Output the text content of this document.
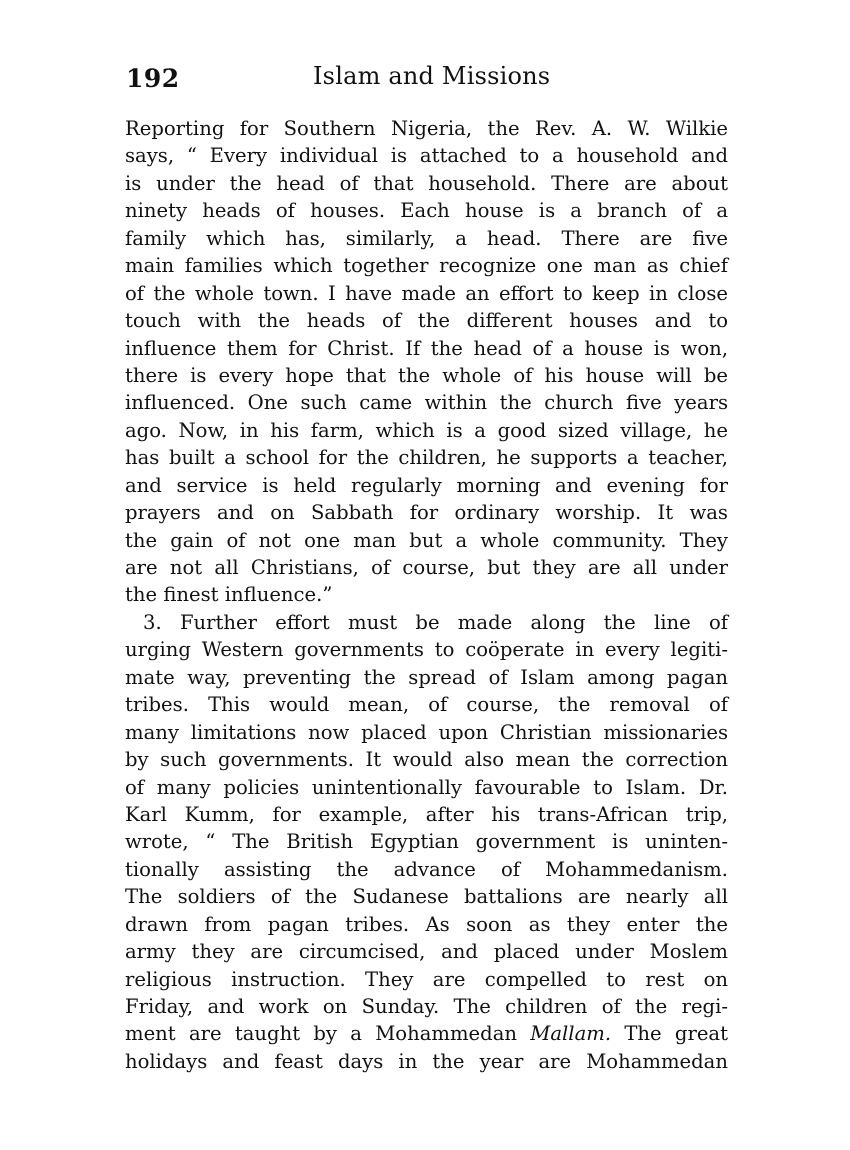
192	Islam and Missions
Reporting for Southern Nigeria, the Rev. A. W. Wilkie
says, “ Every individual is attached to a household and
is under the head of that household. There are about
ninety heads of houses. Each house is a branch of a
family which has, similarly, a head. There are five
main families which together recognize one man as chief
of the whole town. I have made an effort to keep in close
touch with the heads of the different houses and to
influence them for Christ. If the head of a house is won,
there is every hope that the whole of his house will be
influenced. One such came within the church five years
ago. Now, in his farm, which is a good sized village, he
has built a school for the children, he supports a teacher,
and service is held regularly morning and evening for
prayers and on Sabbath for ordinary worship. It was
the gain of not one man but a whole community. They
are not all Christians, of course, but they are all under
the finest influence.”
3. Further effort must be made along the line of
urging Western governments to coöperate in every legiti-
mate way, preventing the spread of Islam among pagan
tribes. This would mean, of course, the removal of
many limitations now placed upon Christian missionaries
by such governments. It would also mean the correction
of many policies unintentionally favourable to Islam. Dr.
Karl Kumm, for example, after his trans-African trip,
wrote, “ The British Egyptian government is uninten-
tionally assisting the advance of Mohammedanism.
The soldiers of the Sudanese battalions are nearly all
drawn from pagan tribes. As soon as they enter the
army they are circumcised, and placed under Moslem
religious instruction. They are compelled to rest on
Friday, and work on Sunday. The children of the regi-
ment are taught by a Mohammedan Mallam. The great
holidays and feast days in the year are Mohammedan
